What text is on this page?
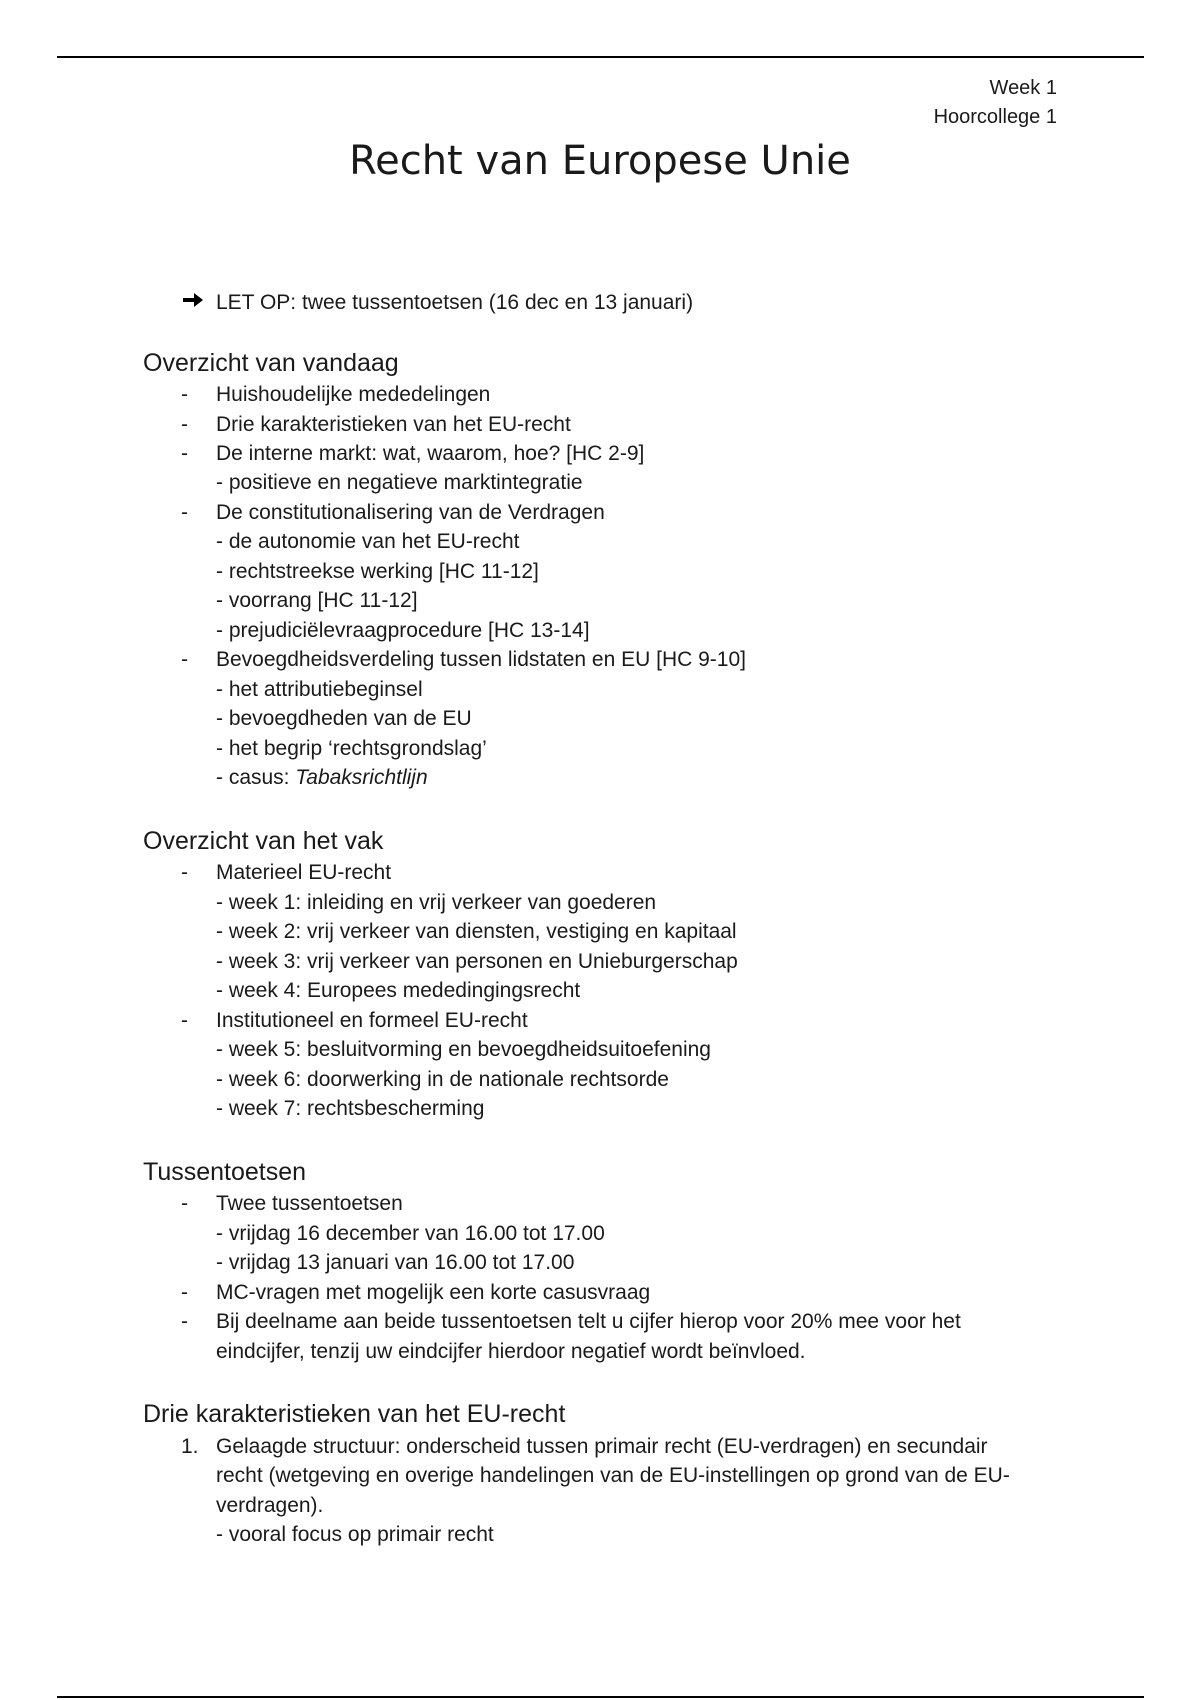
Week 1
Hoorcollege 1
Recht van Europese Unie
LET OP: twee tussentoetsen (16 dec en 13 januari)
Overzicht van vandaag
- Huishoudelijke mededelingen
- Drie karakteristieken van het EU-recht
- De interne markt: wat, waarom, hoe? [HC 2-9]
- positieve en negatieve marktintegratie
- De constitutionalisering van de Verdragen
- de autonomie van het EU-recht
- rechtstreekse werking [HC 11-12]
- voorrang [HC 11-12]
- prejudiciëlevraagprocedure [HC 13-14]
- Bevoegdheidsverdeling tussen lidstaten en EU [HC 9-10]
- het attributiebeginsel
- bevoegdheden van de EU
- het begrip ‘rechtsgrondslag’
- casus: Tabaksrichtlijn
Overzicht van het vak
- Materieel EU-recht
- week 1: inleiding en vrij verkeer van goederen
- week 2: vrij verkeer van diensten, vestiging en kapitaal
- week 3: vrij verkeer van personen en Unieburgerschap
- week 4: Europees mededingingsrecht
- Institutioneel en formeel EU-recht
- week 5: besluitvorming en bevoegdheidsuitoefening
- week 6: doorwerking in de nationale rechtsorde
- week 7: rechtsbescherming
Tussentoetsen
- Twee tussentoetsen
- vrijdag 16 december van 16.00 tot 17.00
- vrijdag 13 januari van 16.00 tot 17.00
- MC-vragen met mogelijk een korte casusvraag
- Bij deelname aan beide tussentoetsen telt u cijfer hierop voor 20% mee voor het
eindcijfer, tenzij uw eindcijfer hierdoor negatief wordt beïnvloed.
Drie karakteristieken van het EU-recht
1. Gelaagde structuur: onderscheid tussen primair recht (EU-verdragen) en secundair
recht (wetgeving en overige handelingen van de EU-instellingen op grond van de EU-
verdragen).
- vooral focus op primair recht
